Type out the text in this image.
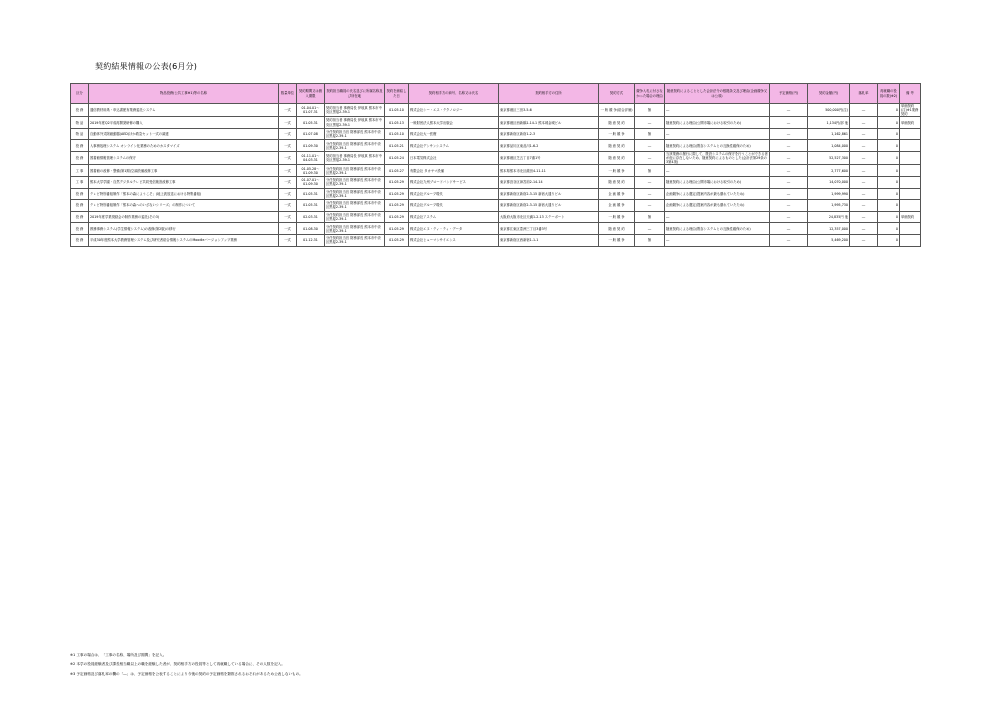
契約結果情報の公表(6月分)
区分	物品役務(公共工事※1)等の名称	数量単位	契約期間又は納入期限	契約担当職員の氏名並びに所属名称及び所在地	契約を締結した日	契約相手方の商号、名称又は氏名	契約相手方の住所	契約方式	競争入札に付さなかった場合の理由	随意契約によることとした会計法令の根拠条文及び理由(企画競争又は公募)	予定価格(円)	契約金額(円)	落札率	再就職の役員の数(※2)	備 考
役 務	通信教材用紙・申込書配布業務委託システム	一式	01.04.01～01.07.31	契約担当者 事務局長 伊坂真 熊本市中央区黒髪2-39-1	01.05.10	株式会社シー・エス・テクノロジー	東京都港区三田3-5-6	一 般 競 争(総合評価)	無	―	―	500,000円(注)	―	0	単価契約(注)※1業務契約
物 品	2019年度Q2平成再開発研修の購入	一式	01.05.31	契約担当者 事務局長 伊坂真 熊本市中央区黒髪2-39-1	01.05.13	一般財団法人熊本大学出版会	東京都港区西新橋1-14-1 熊本城金城ビル	随 意 契 約	―	随意契約による理由(公開市場における取引のため)	―	1,134円/部 他	―	0	単価契約
物 品	自動体外式除細動器(AED)ほか救急セット一式の調達	一式	01.07.08	分任契約担当官 財務部長 熊本市中央区黒髪2-39-1	01.05.10	株式会社大一医療	東京都新宿区新宿1-2-3	一 般 競 争	無	―	―	1,162,861	―	0	
役 務	入事務処理システム オンライン化業務のためのカスタマイズ	一式	01.09.30	分任契約担当官 財務部長 熊本市中央区黒髪2-39-1	01.05.21	株式会社デンサンシステム	東京都品川区東品川1-6-2	随 意 契 約	―	随意契約による理由(既存システムとの互換性確保のため)	―	1,084,000	―	0	
役 務	図書館情報管理システムの保守	一式	01.11.01～04.03.31	契約担当者 事務局長 伊坂真 熊本市中央区黒髪2-39-1	01.05.24	日本電気株式会社	東京都港区芝五丁目7番1号	随 意 契 約	―	当該業務の履行に際して、既設システムの保守を行うことができる者が他に存在しないため、随意契約によるものとした(会計法第29条の3第4項)	―	52,527,300	―	0	
工 事	図書館の改修・整備(第1期)空調設備改修工事	一式	01.05.28～01.09.30	分任契約担当官 財務部長 熊本市中央区黒髪2-39-1	01.05.27	有限会社 タカヤマ設備	熊本県熊本市北区龍田4-11-11	一 般 競 争	無	―	―	2,777,600	―	0	
工 事	熊本大学学園・自然デジタルテレビ共同受信施設改修工事	一式	01.07.01～01.09.30	分任契約担当官 財務部長 熊本市中央区黒髪2-39-1	01.05.29	株式会社九州ブロードバンドサービス	東京都渋谷区神宮前2-14-14	随 意 契 約	―	随意契約による理由(公開市場における取引のため)	―	14,070,000	―	0	
役 務	テレビ特別番組制作「熊本の森にようこそ」(地上波放送における特集番組)	一式	01.05.31	分任契約担当官 財務部長 熊本市中央区黒髪2-39-1	01.05.29	株式会社グループ現代	東京都新宿区新宿2-3-15 新宿大通りビル	企 画 競 争	―	企画競争による選定(提案内容が最も優れていたため)	―	1,999,990	―	0	
役 務	テレビ特別番組制作「熊本の森へのいざないシリーズ」の制作について	一式	01.05.31	分任契約担当官 財務部長 熊本市中央区黒髪2-39-1	01.05.29	株式会社グループ現代	東京都新宿区新宿2-3-15 新宿大通りビル	企 画 競 争	―	企画競争による選定(提案内容が最も優れていたため)	―	1,995,730	―	0	
役 務	2019年度学業奨励会の制作業務の委託(その3)	一式	02.03.31	分任契約担当官 財務部長 熊本市中央区黒髪2-39-1	01.05.29	株式会社アステム	大阪府大阪市北区天満1-2-13 ステーポート	一 般 競 争	無	―	―	24,835円 他	―	0	単価契約
役 務	教務事務システム(学生情報システム)の改修(第2版)の移行	一式	01.08.30	分任契約担当官 財務部長 熊本市中央区黒髪2-39-1	01.05.29	株式会社エヌ・ティ・ティ・データ	東京都江東区豊洲三丁目3番3号	随 意 契 約	―	随意契約による理由(既存システムとの互換性確保のため)	―	12,357,000	―	0	
役 務	平成30年度熊本大学教務管理システム及び研究者総合情報システムのMoodleバージョンアップ業務	一式	01.12.31	分任契約担当官 財務部長 熊本市中央区黒髪2-39-1	01.05.29	株式会社ヒューマンサイエンス	東京都新宿区西新宿1-1-1	一 般 競 争	無	―	―	5,469,200	―	0	
※1 工事の場合は、「工事の名称、場所及び期間」を記入。
※2 本学の役員経験者及び課長相当職以上の職を経験した者が、契約相手方の役員等として再就職している場合に、その人数を記入。
※3 予定価格及び落札率の欄の「―」は、予定価格を公表することにより今後の契約の予定価格を類推されるおそれがあるため公表しないもの。
